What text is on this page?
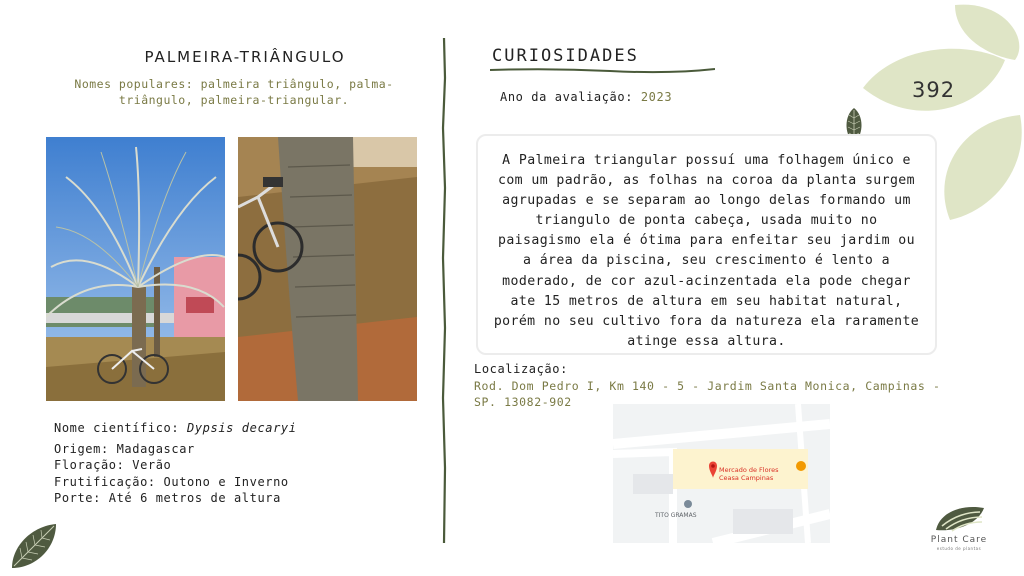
392
PALMEIRA-TRIÂNGULO
Nomes populares: palmeira triângulo, palma-triângulo, palmeira-triangular.
Nome científico: Dypsis decaryi
Origem: Madagascar
Floração: Verão
Frutificação: Outono e Inverno
Porte: Até 6 metros de altura
CURIOSIDADES
Ano da avaliação: 2023

A Palmeira triangular possuí uma folhagem único e com um padrão, as folhas na coroa da planta surgem agrupadas e se separam ao longo delas formando um triangulo de ponta cabeça, usada muito no paisagismo ela é ótima para enfeitar seu jardim ou a área da piscina, seu crescimento é lento a moderado, de cor azul-acinzentada ela pode chegar ate 15 metros de altura em seu habitat natural, porém no seu cultivo fora da natureza ela raramente atinge essa altura.

Localização:
Rod. Dom Pedro I, Km 140 - 5 - Jardim Santa Monica, Campinas - SP. 13082-902
Mercado de Flores
Ceasa Campinas
TITO GRAMAS
Plant Care
estudo de plantas
